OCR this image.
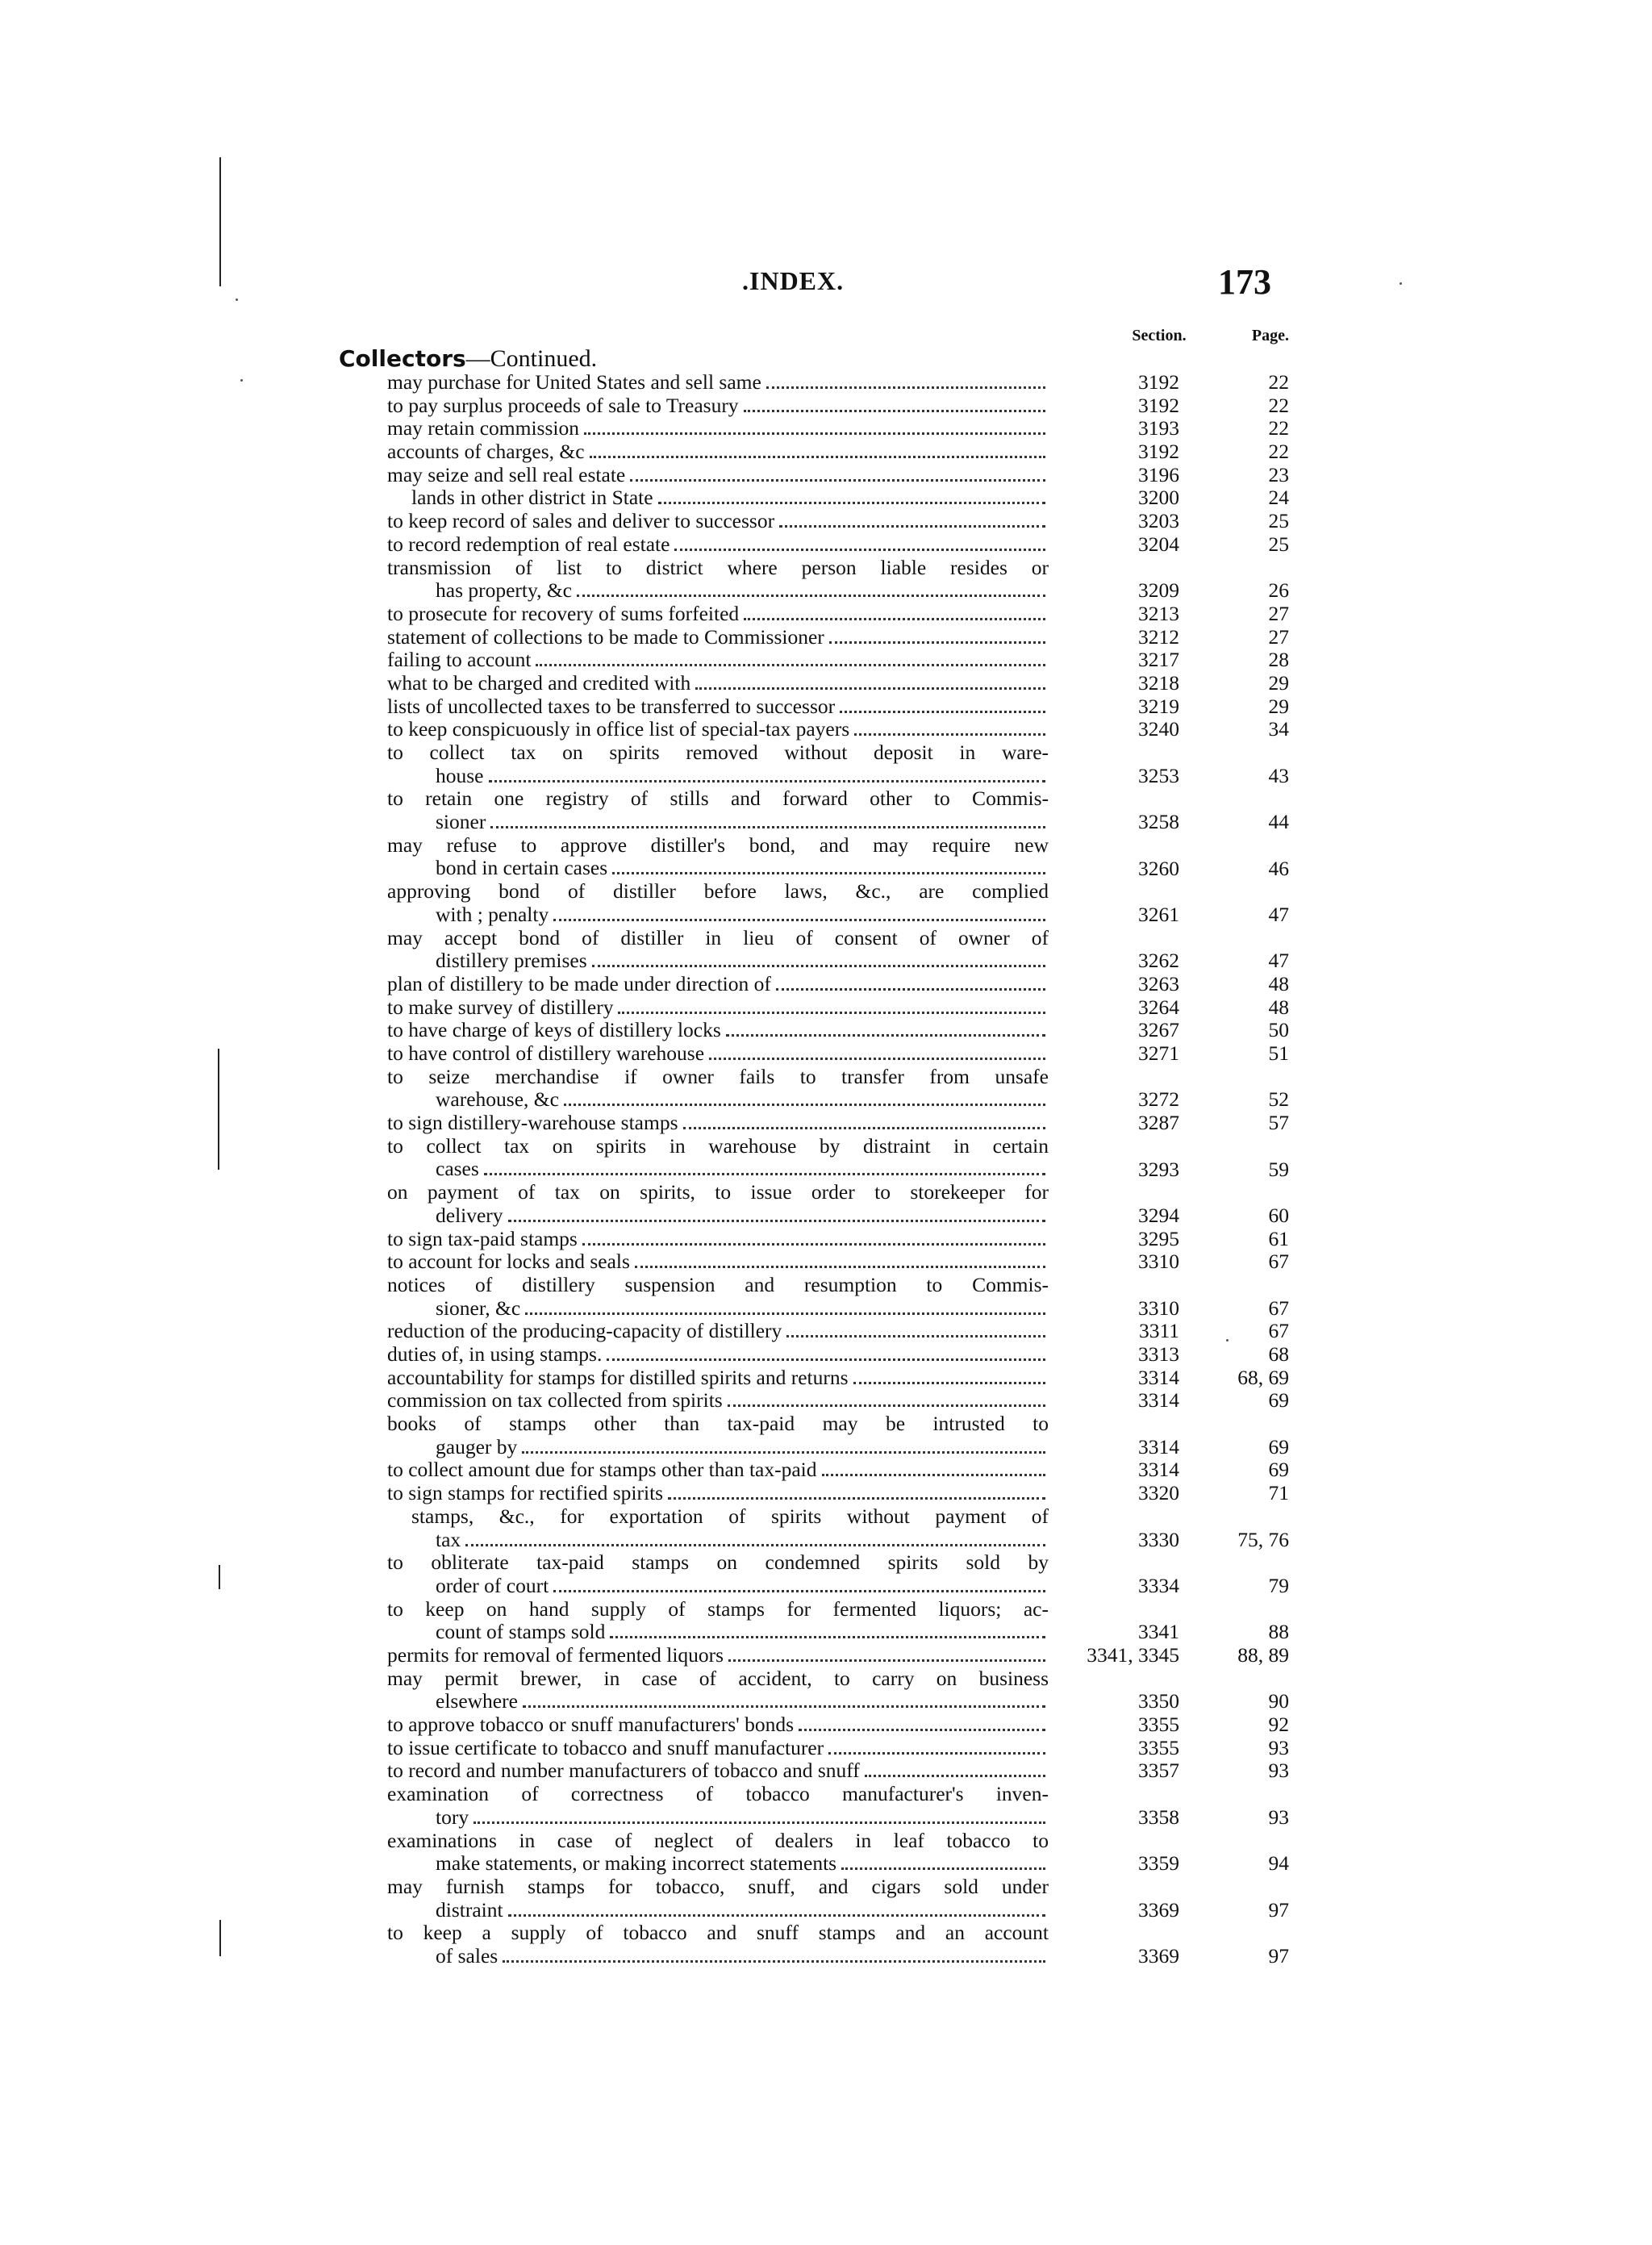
.INDEX.	173
Section.	Page.
Collectors—Continued.
may purchase for United States and sell same	3192	22
to pay surplus proceeds of sale to Treasury	3192	22
may retain commission	3193	22
accounts of charges, &c	3192	22
may seize and sell real estate	3196	23
lands in other district in State	3200	24
to keep record of sales and deliver to successor	3203	25
to record redemption of real estate	3204	25
transmission of list to district where person liable resides or
has property, &c	3209	26
to prosecute for recovery of sums forfeited	3213	27
statement of collections to be made to Commissioner	3212	27
failing to account	3217	28
what to be charged and credited with	3218	29
lists of uncollected taxes to be transferred to successor	3219	29
to keep conspicuously in office list of special-tax payers	3240	34
to collect tax on spirits removed without deposit in ware-
house	3253	43
to retain one registry of stills and forward other to Commis-
sioner	3258	44
may refuse to approve distiller's bond, and may require new
bond in certain cases	3260	46
approving bond of distiller before laws, &c., are complied
with ; penalty	3261	47
may accept bond of distiller in lieu of consent of owner of
distillery premises	3262	47
plan of distillery to be made under direction of	3263	48
to make survey of distillery	3264	48
to have charge of keys of distillery locks	3267	50
to have control of distillery warehouse	3271	51
to seize merchandise if owner fails to transfer from unsafe
warehouse, &c	3272	52
to sign distillery-warehouse stamps	3287	57
to collect tax on spirits in warehouse by distraint in certain
cases	3293	59
on payment of tax on spirits, to issue order to storekeeper for
delivery	3294	60
to sign tax-paid stamps	3295	61
to account for locks and seals	3310	67
notices of distillery suspension and resumption to Commis-
sioner, &c	3310	67
reduction of the producing-capacity of distillery	3311	67
duties of, in using stamps.	3313	68
accountability for stamps for distilled spirits and returns	3314	68, 69
commission on tax collected from spirits	3314	69
books of stamps other than tax-paid may be intrusted to
gauger by	3314	69
to collect amount due for stamps other than tax-paid	3314	69
to sign stamps for rectified spirits	3320	71
stamps, &c., for exportation of spirits without payment of
tax	3330	75, 76
to obliterate tax-paid stamps on condemned spirits sold by
order of court	3334	79
to keep on hand supply of stamps for fermented liquors; ac-
count of stamps sold	3341	88
permits for removal of fermented liquors	3341, 3345	88, 89
may permit brewer, in case of accident, to carry on business
elsewhere	3350	90
to approve tobacco or snuff manufacturers' bonds	3355	92
to issue certificate to tobacco and snuff manufacturer	3355	93
to record and number manufacturers of tobacco and snuff	3357	93
examination of correctness of tobacco manufacturer's inven-
tory	3358	93
examinations in case of neglect of dealers in leaf tobacco to
make statements, or making incorrect statements	3359	94
may furnish stamps for tobacco, snuff, and cigars sold under
distraint	3369	97
to keep a supply of tobacco and snuff stamps and an account
of sales	3369	97
